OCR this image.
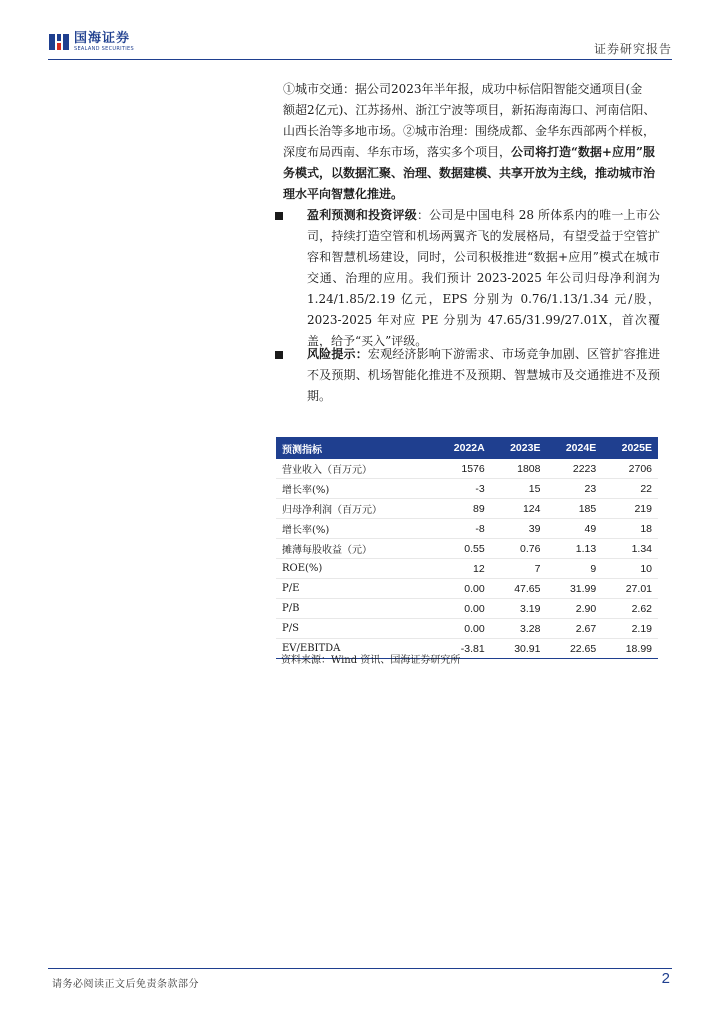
国海证券
SEALAND SECURITIES	证券研究报告

①城市交通：据公司2023年半年报，成功中标信阳智能交通项目(金

额超2亿元)、江苏扬州、浙江宁波等项目，新拓海南海口、河南信阳、

山西长治等多地市场。②城市治理：围绕成都、金华东西部两个样板，

深度布局西南、华东市场，落实多个项目，公司将打造“数据+应用”服

务模式，以数据汇聚、治理、数据建模、共享开放为主线，推动城市治

理水平向智慧化推进。

盈利预测和投资评级：公司是中国电科 28 所体系内的唯一上市公司，持续打造空管和机场两翼齐飞的发展格局，有望受益于空管扩容和智慧机场建设，同时，公司积极推进“数据+应用”模式在城市交通、治理的应用。我们预计 2023-2025 年公司归母净利润为 1.24/1.85/2.19 亿元，EPS 分别为 0.76/1.13/1.34 元/股，2023-2025 年对应 PE 分别为 47.65/31.99/27.01X，首次覆盖，给予“买入”评级。
风险提示：宏观经济影响下游需求、市场竞争加剧、区管扩容推进不及预期、机场智能化推进不及预期、智慧城市及交通推进不及预期。
预测指标	2022A	2023E	2024E	2025E
营业收入（百万元）	1576	1808	2223	2706
增长率(%)	-3	15	23	22
归母净利润（百万元）	89	124	185	219
增长率(%)	-8	39	49	18
摊薄每股收益（元）	0.55	0.76	1.13	1.34
ROE(%)	12	7	9	10
P/E	0.00	47.65	31.99	27.01
P/B	0.00	3.19	2.90	2.62
P/S	0.00	3.28	2.67	2.19
EV/EBITDA	-3.81	30.91	22.65	18.99
资料来源：Wind 资讯、国海证券研究所
请务必阅读正文后免责条款部分	2
